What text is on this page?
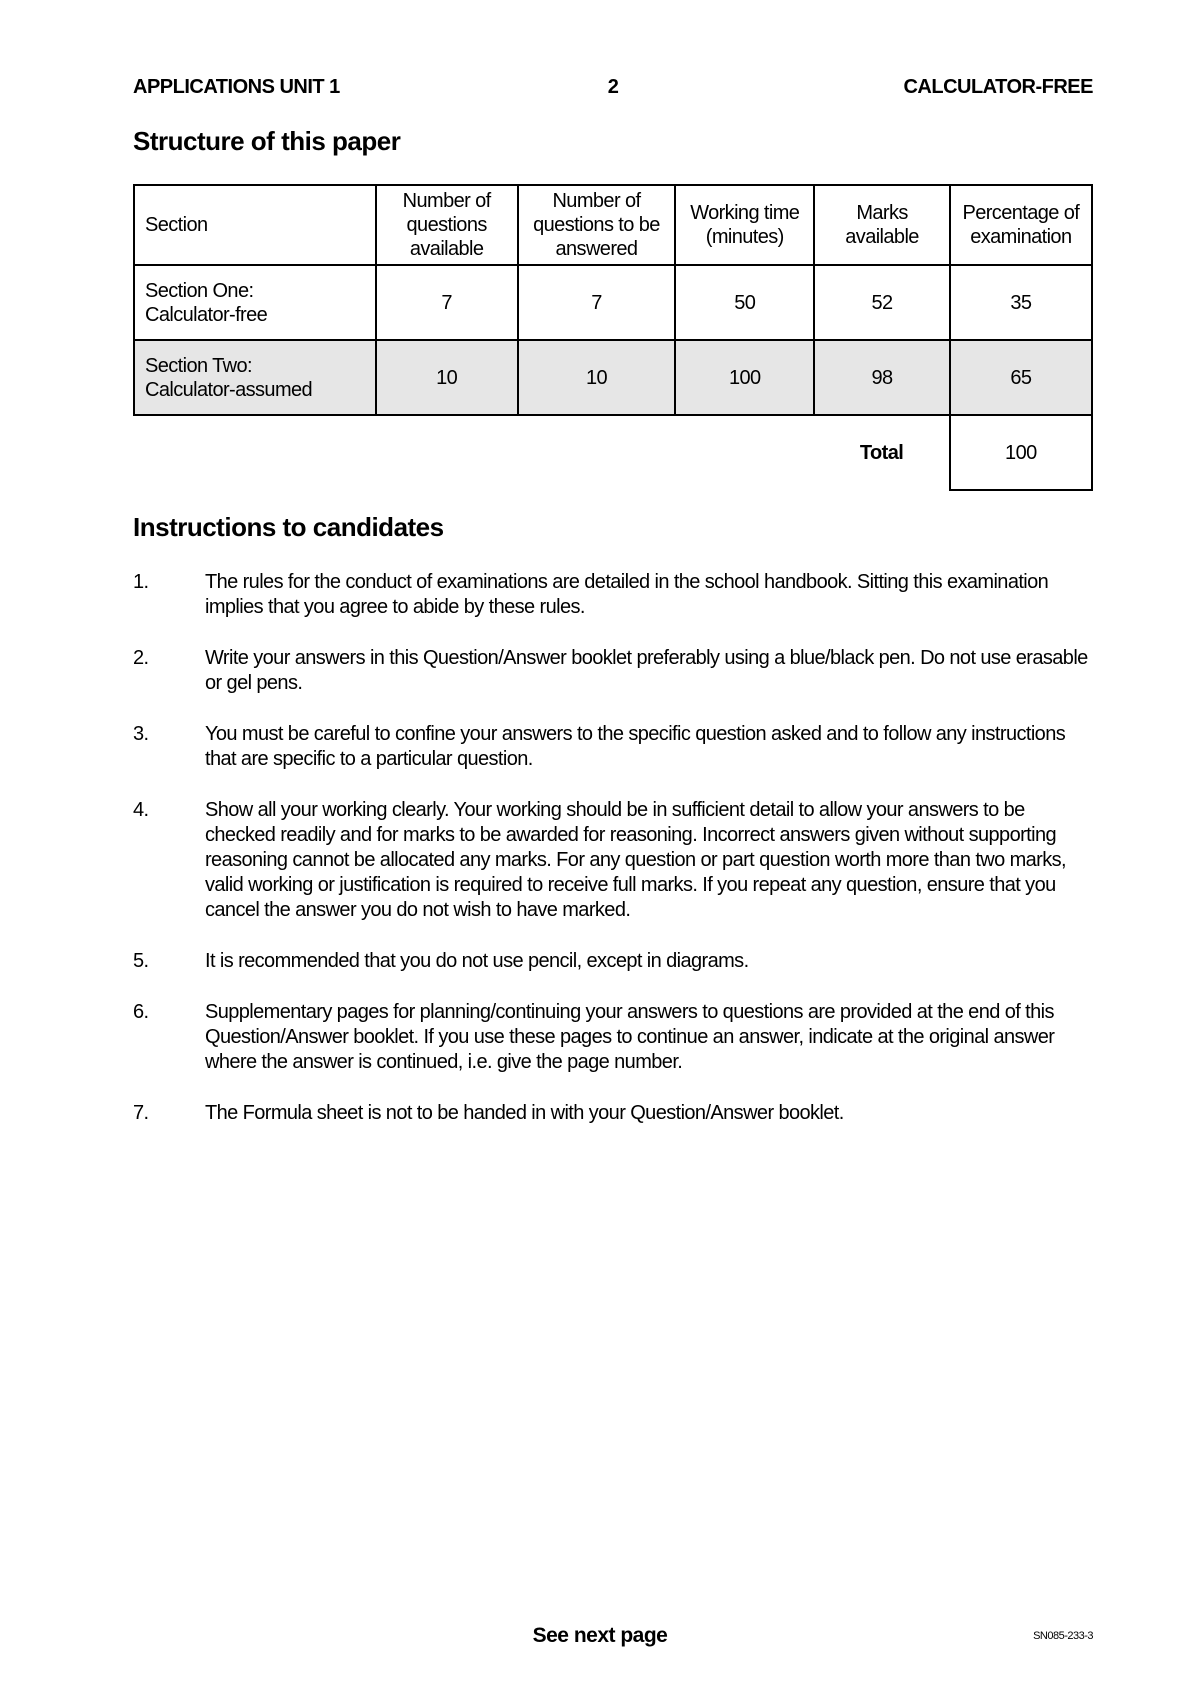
2
APPLICATIONS UNIT 1	CALCULATOR-FREE
Structure of this paper
Section	Number of questions available	Number of questions to be answered	Working time (minutes)	Marks available	Percentage of examination
Section One:
Calculator-free	7	7	50	52	35
Section Two:
Calculator-assumed	10	10	100	98	65
				Total	100
Instructions to candidates
1.	The rules for the conduct of examinations are detailed in the school handbook. Sitting this examination implies that you agree to abide by these rules.
2.	Write your answers in this Question/Answer booklet preferably using a blue/black pen. Do not use erasable or gel pens.
3.	You must be careful to confine your answers to the specific question asked and to follow any instructions that are specific to a particular question.
4.	Show all your working clearly. Your working should be in sufficient detail to allow your answers to be checked readily and for marks to be awarded for reasoning. Incorrect answers given without supporting reasoning cannot be allocated any marks. For any question or part question worth more than two marks, valid working or justification is required to receive full marks. If you repeat any question, ensure that you cancel the answer you do not wish to have marked.
5.	It is recommended that you do not use pencil, except in diagrams.
6.	Supplementary pages for planning/continuing your answers to questions are provided at the end of this Question/Answer booklet. If you use these pages to continue an answer, indicate at the original answer where the answer is continued, i.e. give the page number.
7.	The Formula sheet is not to be handed in with your Question/Answer booklet.
See next page	SN085-233-3
